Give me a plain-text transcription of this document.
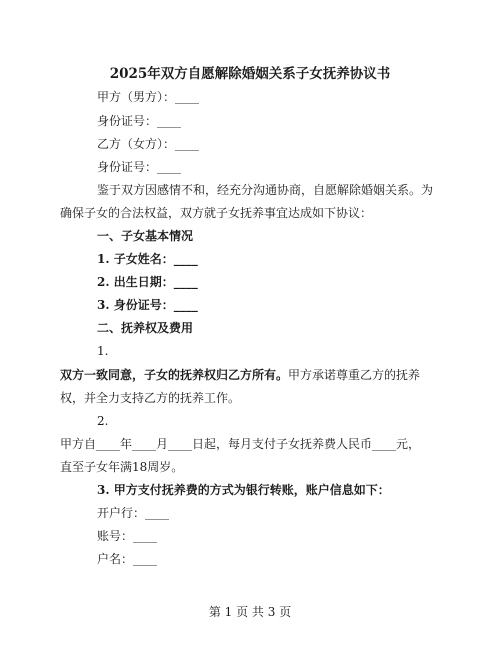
2025年双方自愿解除婚姻关系子女抚养协议书
甲方（男方）：____
身份证号：____
乙方（女方）：____
身份证号：____
鉴于双方因感情不和，经充分沟通协商，自愿解除婚姻关系。为
确保子女的合法权益，双方就子女抚养事宜达成如下协议：
一、子女基本情况
1. 子女姓名：____
2. 出生日期：____
3. 身份证号：____
二、抚养权及费用
1.
双方一致同意，子女的抚养权归乙方所有。甲方承诺尊重乙方的抚养
权，并全力支持乙方的抚养工作。
2.
甲方自____年____月____日起，每月支付子女抚养费人民币____元，
直至子女年满18周岁。
3. 甲方支付抚养费的方式为银行转账，账户信息如下：
开户行：____
账号：____
户名：____
第 1 页 共 3 页
